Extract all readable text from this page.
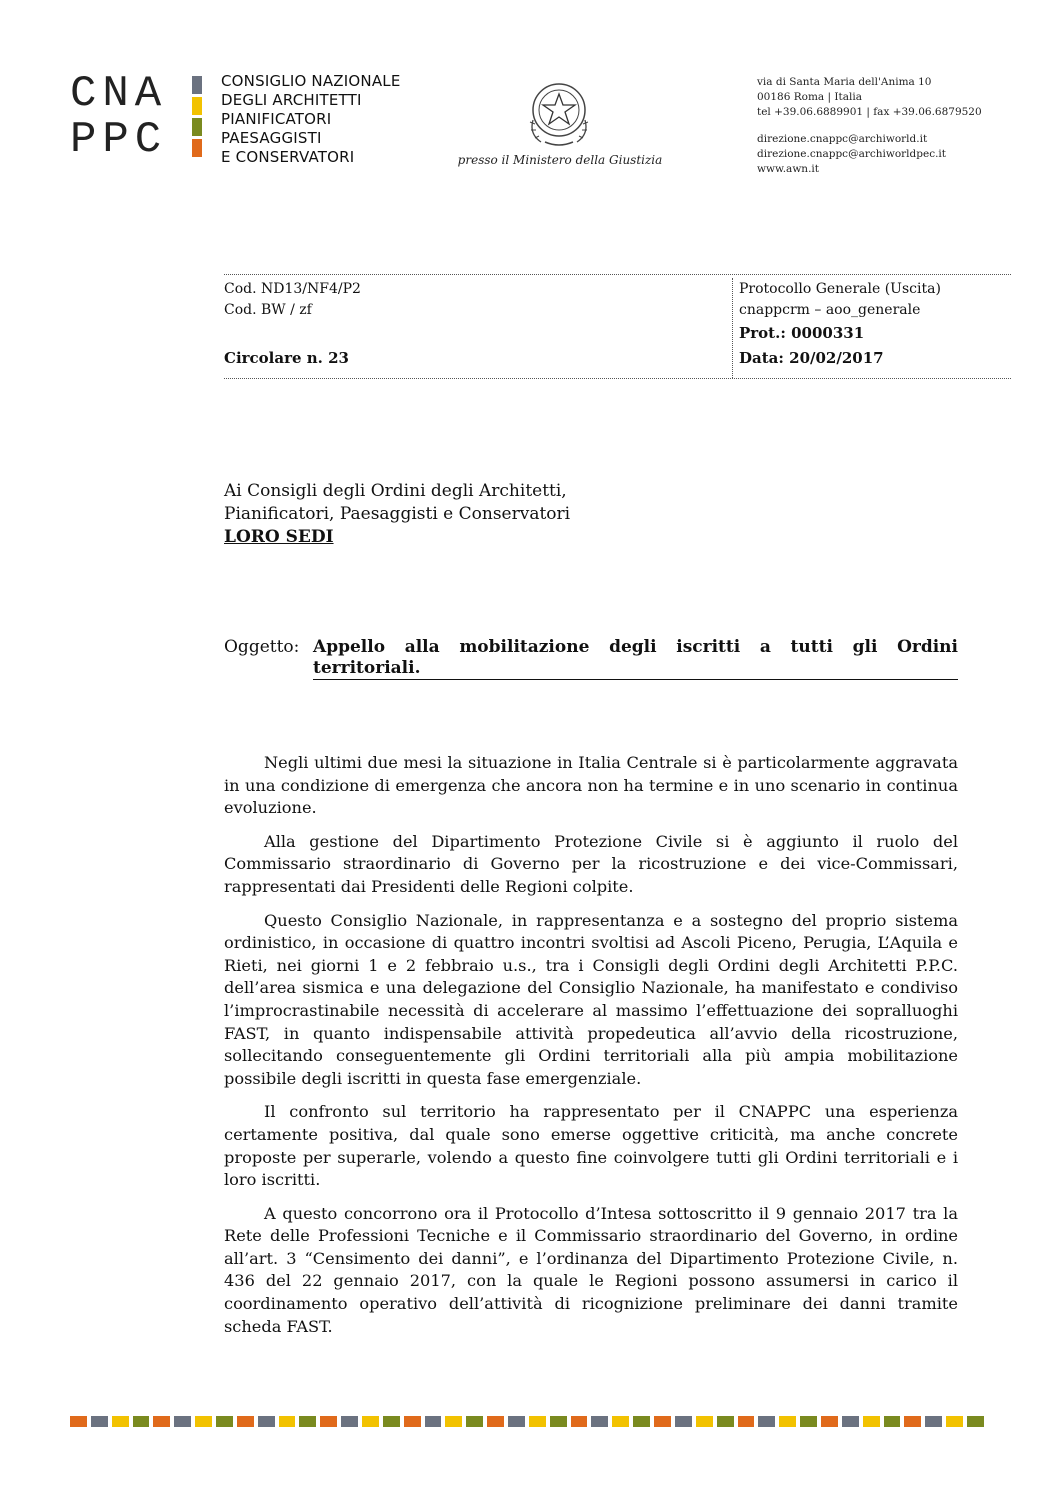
CNA
PPC
CONSIGLIO NAZIONALE
DEGLI ARCHITETTI
PIANIFICATORI
PAESAGGISTI
E CONSERVATORI	presso il Ministero della Giustizia
via di Santa Maria dell'Anima 10
00186 Roma | Italia
tel +39.06.6889901 | fax +39.06.6879520
direzione.cnappc@archiworld.it
direzione.cnappc@archiworldpec.it
www.awn.it
Cod. ND13/NF4/P2
Cod. BW / zf
Circolare n. 23
Protocollo Generale (Uscita)
cnappcrm – aoo_generale
Prot.: 0000331
Data: 20/02/2017
Ai Consigli degli Ordini degli Architetti,
Pianificatori, Paesaggisti e Conservatori
LORO SEDI
Oggetto: Appello alla mobilitazione degli iscritti a tutti gli Ordini territoriali.

Negli ultimi due mesi la situazione in Italia Centrale si è particolarmente aggravata in una condizione di emergenza che ancora non ha termine e in uno scenario in continua evoluzione.

Alla gestione del Dipartimento Protezione Civile si è aggiunto il ruolo del Commissario straordinario di Governo per la ricostruzione e dei vice-Commissari, rappresentati dai Presidenti delle Regioni colpite.

Questo Consiglio Nazionale, in rappresentanza e a sostegno del proprio sistema ordinistico, in occasione di quattro incontri svoltisi ad Ascoli Piceno, Perugia, L’Aquila e Rieti, nei giorni 1 e 2 febbraio u.s., tra i Consigli degli Ordini degli Architetti P.P.C. dell’area sismica e una delegazione del Consiglio Nazionale, ha manifestato e condiviso l’improcrastinabile necessità di accelerare al massimo l’effettuazione dei sopralluoghi FAST, in quanto indispensabile attività propedeutica all’avvio della ricostruzione, sollecitando conseguentemente gli Ordini territoriali alla più ampia mobilitazione possibile degli iscritti in questa fase emergenziale.

Il confronto sul territorio ha rappresentato per il CNAPPC una esperienza certamente positiva, dal quale sono emerse oggettive criticità, ma anche concrete proposte per superarle, volendo a questo fine coinvolgere tutti gli Ordini territoriali e i loro iscritti.

A questo concorrono ora il Protocollo d’Intesa sottoscritto il 9 gennaio 2017 tra la Rete delle Professioni Tecniche e il Commissario straordinario del Governo, in ordine all’art. 3 “Censimento dei danni”, e l’ordinanza del Dipartimento Protezione Civile, n. 436 del 22 gennaio 2017, con la quale le Regioni possono assumersi in carico il coordinamento operativo dell’attività di ricognizione preliminare dei danni tramite scheda FAST.
